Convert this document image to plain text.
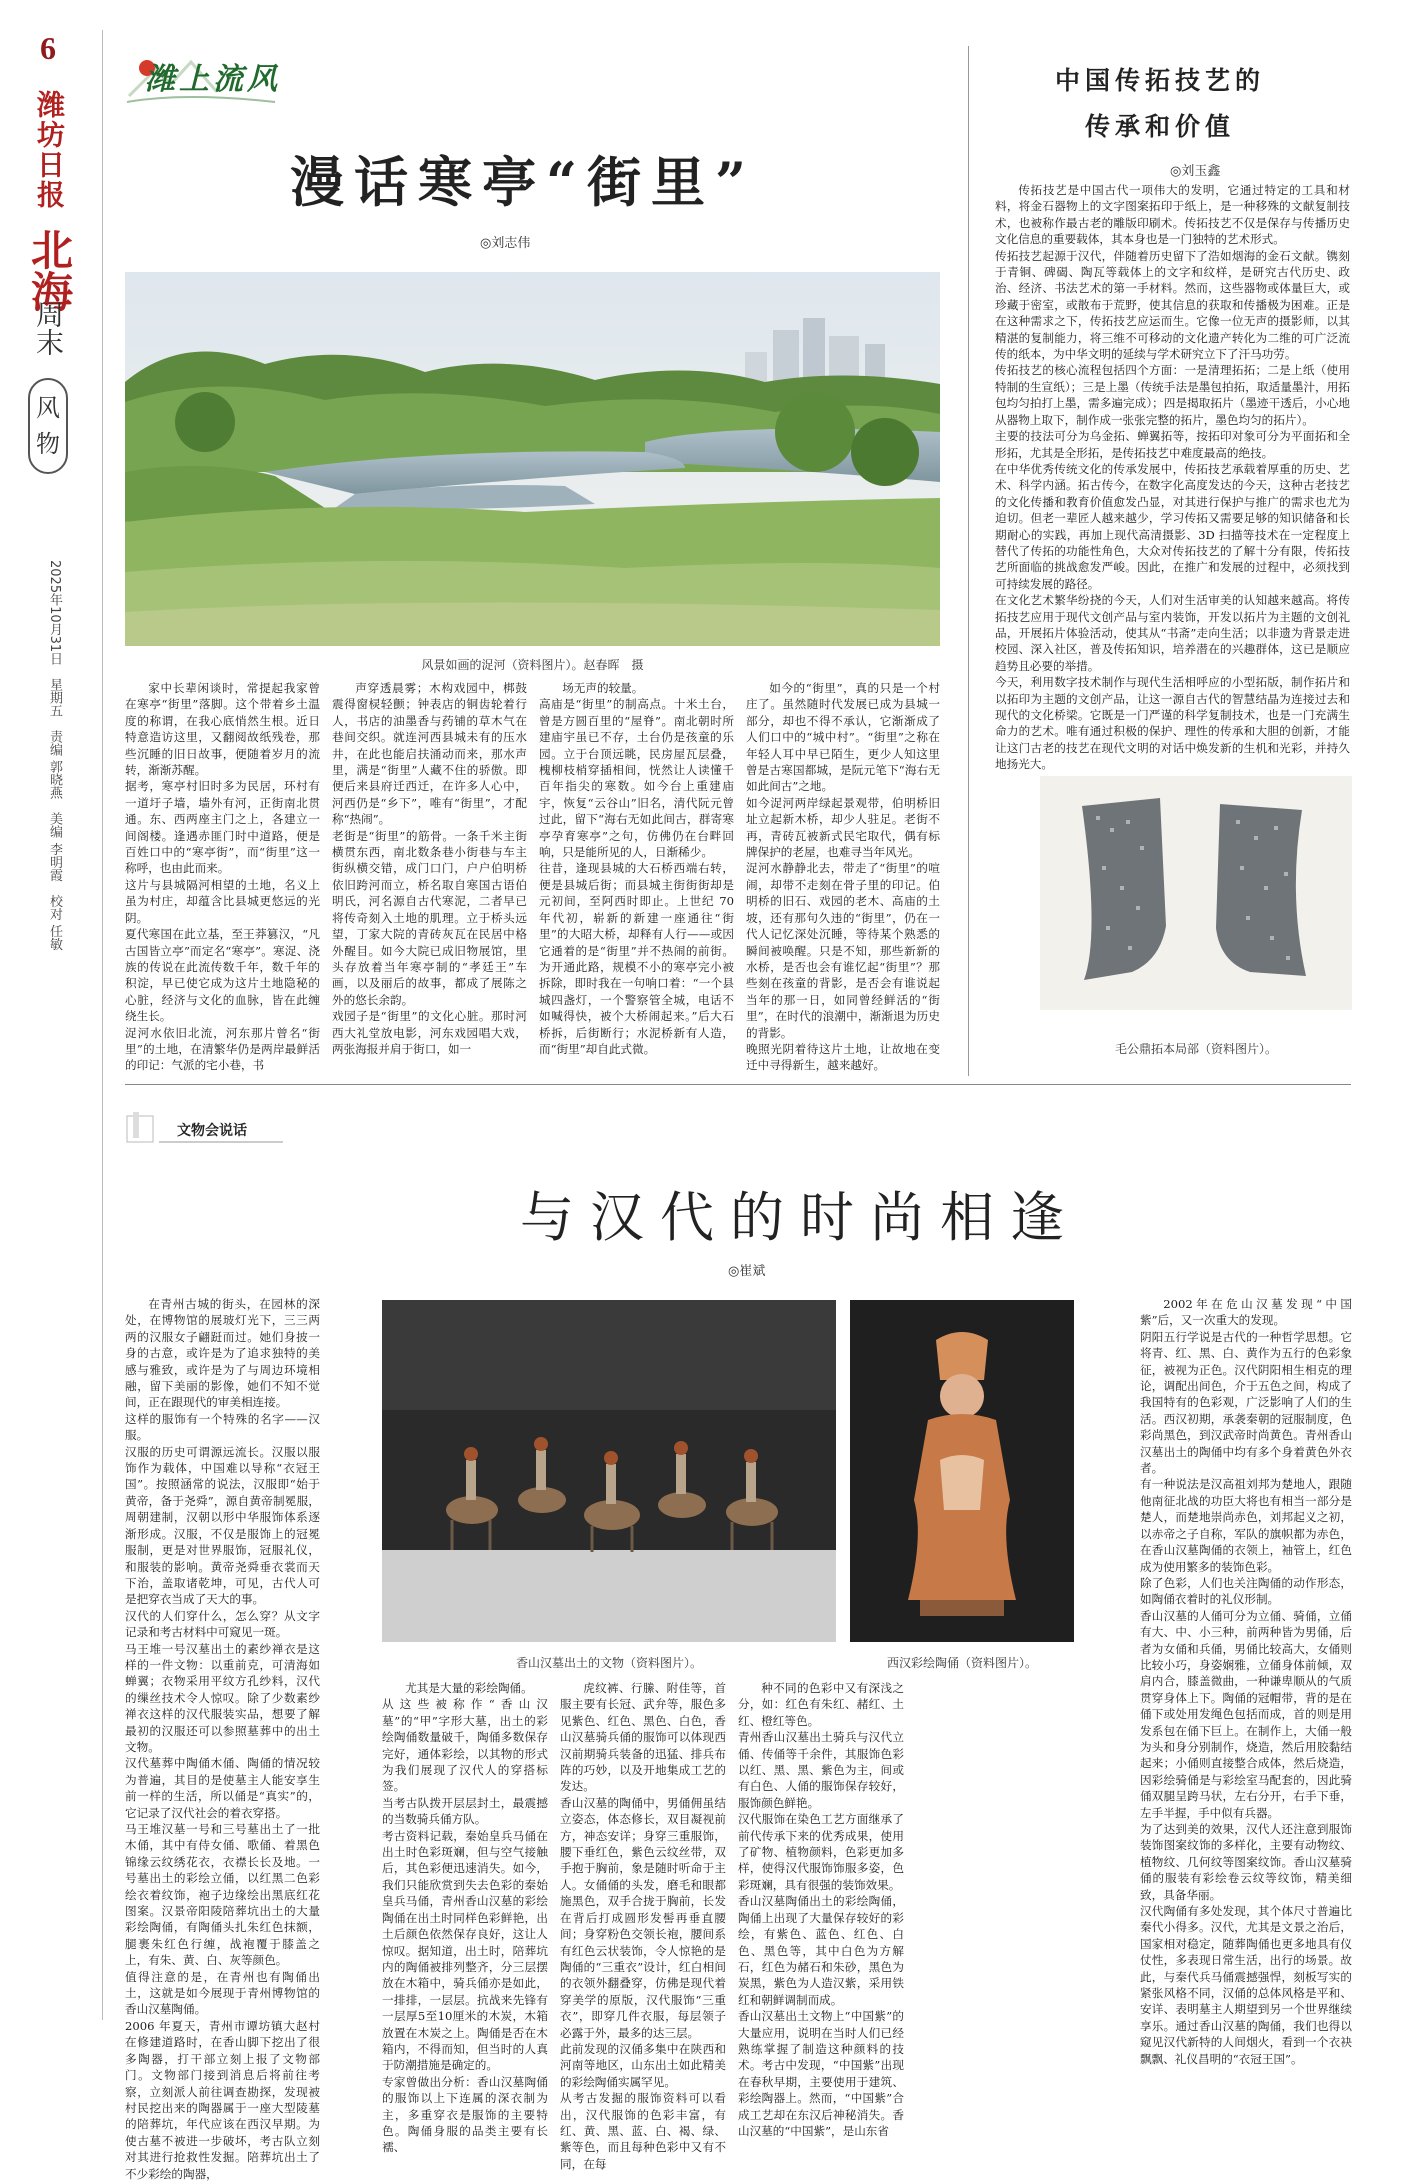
6
潍坊日报
北海
周末
风
物
2025年10月31日　星期五　责编 郭晓燕　美编 李明霞　校对 任敏
潍上流风
漫话寒亭“街里”
◎刘志伟
风景如画的浞河（资料图片）。赵春晖　摄

家中长辈闲谈时，常提起我家曾在寒亭“街里”落脚。这个带着乡土温度的称谓，在我心底悄然生根。近日特意造访这里，又翻阅故纸残卷，那些沉睡的旧日故事，便随着岁月的流转，渐渐苏醒。
据考，寒亭村旧时多为民居，环村有一道圩子墙，墙外有河，正街南北贯通。东、西两座主门之上，各建立一间阁楼。逢遇赤匪门时中道路，便是百姓口中的“寒亭街”，而“街里”这一称呼，也由此而来。
这片与县城隔河相望的土地，名义上虽为村庄，却蕴含比县城更悠远的光阴。
夏代寒国在此立基，至王莽篡汉，“凡古国皆立亭”而定名“寒亭”。寒浞、浇族的传说在此流传数千年，数千年的积淀，早已使它成为这片土地隐秘的心脏，经济与文化的血脉，皆在此缠绕生长。
浞河水依旧北流，河东那片曾名“街里”的土地，在清繁华仍是两岸最鲜活的印记：气派的宅小巷，书

声穿透晨雾；木构戏园中，梆鼓震得窗棂轻颤；钟表店的铜齿轮着行人，书店的油墨香与药铺的草木气在巷间交织。就连河西县城未有的压水井，在此也能启扶涌动而来，那水声里，满是“街里”人藏不住的骄傲。即便后来县府迁西迁，在许多人心中，河西仍是“乡下”，唯有“街里”，才配称“热闹”。
老街是“街里”的筋骨。一条千米主街横贯东西，南北数条巷小街巷与车主街纵横交错，成门口门，户户伯明桥依旧跨河而立，桥名取自寒国古语伯明氏，河名源自古代寒泥，二者早已将传奇刻入土地的肌理。立于桥头远望，丁家大院的青砖灰瓦在民居中格外醒目。如今大院已成旧物展馆，里头存放着当年寒亭制的“孝廷王”车画，以及丽后的故事，都成了展陈之外的悠长余韵。
戏园子是“街里”的文化心脏。那时河西大礼堂放电影，河东戏园唱大戏，两张海报并肩于街口，如一

场无声的较量。
高庙是“街里”的制高点。十米土台，曾是方圆百里的“屋脊”。南北朝时所建庙宇虽已不存，土台仍是孩童的乐园。立于台顶远眺，民房屋瓦层叠，槐柳枝梢穿插相间，恍然让人读懂千百年指尖的寒数。如今台上重建庙宇，恢复“云谷山”旧名，清代阮元曾过此，留下“海右无如此间古，群寄寒亭孕育寒亭”之句，仿佛仍在台畔回响，只是能所见的人，日渐稀少。
往昔，逢现县城的大石桥西端右转，便是县城后街；而县城主街街街却是元初间，至阿西时即止。上世纪 70 年代初，崭新的新建一座通往“街里”的大昭大桥，却释有人行——或因它通着的是“街里”并不热闹的前街。为开通此路，规模不小的寒亭完小被拆除，即时我在一句响口着：“一个县城四盏灯，一个警察管全城，电话不如喊得快，被个大桥闹起来。”后大石桥拆，后街断行；水泥桥新有人造，而“街里”却自此式微。

如今的“街里”，真的只是一个村庄了。虽然随时代发展已成为县城一部分，却也不得不承认，它渐渐成了人们口中的“城中村”。“街里”之称在年轻人耳中早已陌生，更少人知这里曾是古寒国都城，是阮元笔下“海右无如此间古”之地。
如今浞河两岸绿起景观带，伯明桥旧址立起新木桥，却少人驻足。老街不再，青砖瓦被新式民宅取代，偶有标牌保护的老屋，也难寻当年风光。
浞河水静静北去，带走了“街里”的喧闹，却带不走刻在骨子里的印记。伯明桥的旧石、戏园的老木、高庙的土坡，还有那句久违的“街里”，仍在一代人记忆深处沉睡，等待某个熟悉的瞬间被唤醒。只是不知，那些新新的水桥，是否也会有谁忆起“街里”？那些刻在孩童的背影，是否会有谁说起当年的那一日，如同曾经鲜活的“街里”，在时代的浪潮中，渐渐退为历史的背影。
晚照光阴着待这片土地，让故地在变迁中寻得新生，越来越好。

中国传拓技艺的
传承和价值
◎刘玉鑫

传拓技艺是中国古代一项伟大的发明，它通过特定的工具和材料，将金石器物上的文字图案拓印于纸上，是一种移殊的文献复制技术，也被称作最古老的雕版印刷术。传拓技艺不仅是保存与传播历史文化信息的重要载体，其本身也是一门独特的艺术形式。
传拓技艺起源于汉代，伴随着历史留下了浩如烟海的金石文献。镌刻于青铜、碑碣、陶瓦等载体上的文字和纹样，是研究古代历史、政治、经济、书法艺术的第一手材料。然而，这些器物或体量巨大，或珍藏于密室，或散布于荒野，使其信息的获取和传播极为困难。正是在这种需求之下，传拓技艺应运而生。它像一位无声的摄影师，以其精湛的复制能力，将三维不可移动的文化遗产转化为二维的可广泛流传的纸本，为中华文明的延续与学术研究立下了汗马功劳。
传拓技艺的核心流程包括四个方面：一是清理拓拓；二是上纸（使用特制的生宣纸）；三是上墨（传统手法是墨包拍拓，取适量墨汁，用拓包均匀拍打上墨，需多遍完成）；四是揭取拓片（墨迹干透后，小心地从器物上取下，制作成一张张完整的拓片，墨色均匀的拓片）。
主要的技法可分为乌金拓、蝉翼拓等，按拓印对象可分为平面拓和全形拓，尤其是全形拓，是传拓技艺中难度最高的绝技。
在中华优秀传统文化的传承发展中，传拓技艺承载着厚重的历史、艺术、科学内涵。拓古传今，在数字化高度发达的今天，这种古老技艺的文化传播和教育价值愈发凸显，对其进行保护与推广的需求也尤为迫切。但老一辈匠人越来越少，学习传拓又需要足够的知识储备和长期耐心的实践，再加上现代高清摄影、3D 扫描等技术在一定程度上替代了传拓的功能性角色，大众对传拓技艺的了解十分有限，传拓技艺所面临的挑战愈发严峻。因此，在推广和发展的过程中，必须找到可持续发展的路径。
在文化艺术繁华纷挠的今天，人们对生活审美的认知越来越高。将传拓技艺应用于现代文创产品与室内装饰，开发以拓片为主题的文创礼品，开展拓片体验活动，使其从“书斋”走向生活；以非遗为背景走进校园、深入社区，普及传拓知识，培养潜在的兴趣群体，这已是顺应趋势且必要的举措。
今天，利用数字技术制作与现代生活相呼应的小型拓版，制作拓片和以拓印为主题的文创产品，让这一源自古代的智慧结晶为连接过去和现代的文化桥梁。它既是一门严谨的科学复制技术，也是一门充满生命力的艺术。唯有通过积极的保护、理性的传承和大胆的创新，才能让这门古老的技艺在现代文明的对话中焕发新的生机和光彩，并持久地扬光大。

毛公鼎拓本局部（资料图片）。
文物会说话
与汉代的时尚相逢
◎崔斌

在青州古城的街头，在园林的深处，在博物馆的展玻灯光下，三三两两的汉服女子翩跹而过。她们身披一身的古意，或许是为了追求独特的美感与雅致，或许是为了与周边环境相融，留下美丽的影像，她们不知不觉间，正在跟现代的审美相连接。
这样的服饰有一个特殊的名字——汉服。
汉服的历史可谓源远流长。汉服以服饰作为载体，中国难以导称“衣冠王国”。按照涵常的说法，汉服即“始于黄帝，备于尧舜”，源自黄帝制冕服，周朝建制，汉朝以形中华服饰体系逐渐形成。汉服，不仅是服饰上的冠冕服制，更是对世界服饰，冠服礼仪，和服装的影响。黄帝尧舜垂衣裳而天下治，盖取诸乾坤，可见，古代人可是把穿衣当成了天大的事。
汉代的人们穿什么，怎么穿？从文字记录和考古材料中可窥见一斑。
马王堆一号汉墓出土的素纱禅衣是这样的一件文物：以重前克，可清海如蝉翼；衣物采用平纹方孔纱料，汉代的缫丝技术令人惊叹。除了少数素纱禅衣这样的汉代服装实品，想要了解最初的汉服还可以参照墓葬中的出土文物。
汉代墓葬中陶俑木俑、陶俑的情况较为普遍，其目的是使墓主人能安享生前一样的生活，所以俑是“真实”的，它记录了汉代社会的着衣穿搭。
马王堆汉墓一号和三号墓出土了一批木俑，其中有侍女俑、歌俑、着黑色锦缘云纹绣花衣，衣襟长长及地。一号墓出土的彩绘立俑，以红黑二色彩绘衣着纹饰，袍子边缘绘出黑底红花图案。汉景帝阳陵陪葬坑出土的大量彩绘陶俑，有陶俑头扎朱红色抹额，腿裹朱红色行缠，战袍覆于膝盖之上，有朱、黄、白、灰等颜色。
值得注意的是，在青州也有陶俑出土，这就是如今展现于青州博物馆的香山汉墓陶俑。
2006 年夏天，青州市谭坊镇大赵村在修建道路时，在香山脚下挖出了很多陶器，打干部立刻上报了文物部门。文物部门接到消息后将前往考察，立刻派人前往调查勘探，发现被村民挖出来的陶器属于一座大型陵墓的陪葬坑，年代应该在西汉早期。为使古墓不被进一步破坏，考古队立刻对其进行抢救性发掘。陪葬坑出土了不少彩绘的陶器，

香山汉墓出土的文物（资料图片）。	西汉彩绘陶俑（资料图片）。

尤其是大量的彩绘陶俑。
从这些被称作“香山汉墓”的“甲”字形大墓，出土的彩绘陶俑数量破千，陶俑多数保存完好，通体彩绘，以其物的形式为我们展现了汉代人的穿搭标签。
当考古队拨开层层封土，最震撼的当数骑兵俑方队。
考古资料记载，秦始皇兵马俑在出土时色彩斑斓，但与空气接触后，其色彩便迅速消失。如今，我们只能欣赏到失去色彩的秦始皇兵马俑，青州香山汉墓的彩绘陶俑在出土时同样色彩鲜艳，出土后颜色依然保存良好，这让人惊叹。据知道，出土时，陪葬坑内的陶俑被排列整齐，分三层摆放在木箱中，骑兵俑亦是如此，一排排，一层层。抗战来先锋有一层厚5至10厘米的木炭，木箱放置在木炭之上。陶俑是否在木箱内，不得而知，但当时的人真于防潮措施是确定的。
专家曾做出分析：香山汉墓陶俑的服饰以上下连属的深衣制为主，多重穿衣是服饰的主要特色。陶俑身服的品类主要有长襦、

虎纹裤、行縢、附佳等，首服主要有长冠、武弁等，服色多见紫色、红色、黑色、白色，香山汉墓骑兵俑的服饰可以体现西汉前期骑兵装备的迅猛、排兵布阵的巧妙，以及开地集成工艺的发达。
香山汉墓的陶俑中，男俑佣虽结立姿态，体态修长，双目凝视前方，神态安详；身穿三重服饰，腰下垂红色，紫色云纹丝带，双手抱于胸前，象是随时听命于主人。女俑俑的头发，磨毛和眼都施黑色，双手合拢于胸前，长发在背后打成圆形发髻再垂直腰间；身穿粉色交领长袍，腰间系有红色云状装饰，令人惊艳的是陶俑的“三重衣”设计，红白相间的衣领外翻叠穿，仿佛是现代着穿美学的原版，汉代服饰“三重衣”，即穿几件衣服，每层领子必露于外，最多的达三层。
此前发现的汉俑多集中在陕西和河南等地区，山东出土如此精美的彩绘陶俑实属罕见。
从考古发掘的服饰资料可以看出，汉代服饰的色彩丰富，有红、黄、黑、蓝、白、褐、绿、紫等色，而且每种色彩中又有不同，在每

种不同的色彩中又有深浅之分，如：红色有朱红、赭红、土红、橙红等色。
青州香山汉墓出土骑兵与汉代立俑、传俑等千余件，其服饰色彩以红、黑、黑、紫色为主，间或有白色、人俑的服饰保存较好，服饰颜色鲜艳。
汉代服饰在染色工艺方面继承了前代传承下来的优秀成果，使用了矿物、植物颜料，色彩更加多样，使得汉代服饰饰服多姿，色彩斑斓，具有很强的装饰效果。
香山汉墓陶俑出土的彩绘陶俑，陶俑上出现了大量保存较好的彩绘，有紫色、蓝色、红色、白色、黑色等，其中白色为方解石，红色为赭石和朱砂，黑色为炭黑，紫色为人造汉紫，采用铁红和朝鲜调制而成。
香山汉墓出土文物上“中国紫”的大量应用，说明在当时人们已经熟练掌握了制造这种颜料的技术。考古中发现，“中国紫”出现在春秋早期，主要使用于建筑、彩绘陶器上。然而，“中国紫”合成工艺却在东汉后神秘消失。香山汉墓的“中国紫”，是山东省

2002年在危山汉墓发现“中国紫”后，又一次重大的发现。
阴阳五行学说是古代的一种哲学思想。它将青、红、黑、白、黄作为五行的色彩象征，被视为正色。汉代阴阳相生相克的理论，调配出间色，介于五色之间，构成了我国特有的色彩观，广泛影响了人们的生活。西汉初期，承袭秦朝的冠服制度，色彩尚黑色，到汉武帝时尚黄色。青州香山汉墓出土的陶俑中均有多个身着黄色外衣者。
有一种说法是汉高祖刘邦为楚地人，跟随他南征北战的功臣大将也有相当一部分是楚人，而楚地崇尚赤色，刘邦起义之初，以赤帝之子自称，军队的旗帜都为赤色，在香山汉墓陶俑的衣领上，袖管上，红色成为使用繁多的装饰色彩。
除了色彩，人们也关注陶俑的动作形态，如陶俑衣着时的礼仪形制。
香山汉墓的人俑可分为立俑、骑俑，立俑有大、中、小三种，前两种皆为男俑，后者为女俑和兵俑，男俑比较高大，女俑则比较小巧，身姿娴雅，立俑身体前倾，双肩内合，膝盖微曲，一种谦卑顺从的气质贯穿身体上下。陶俑的冠帽带，背的是在俑下或处用发绳色包括而成，首的则是用发系包在俑下巨上。在制作上，大俑一般为头和身分别制作，烧造，然后用胶黏结起来；小俑则直接整合成体，然后烧造，因彩绘骑俑是与彩绘室马配套的，因此骑俑双腿呈跨马状，左右分开，右手下垂，左手半握，手中似有兵器。
为了达到美的效果，汉代人还注意到服饰装饰图案纹饰的多样化，主要有动物纹、植物纹、几何纹等图案纹饰。香山汉墓骑俑的服装有彩绘卷云纹等纹饰，精美细致，具备华丽。
汉代陶俑有多处发现，其个体尺寸普遍比秦代小得多。汉代，尤其是文景之治后，国家相对稳定，随葬陶俑也更多地具有仪仗性，多表现日常生活，出行的场景。故此，与秦代兵马俑震撼强悍，刻板写实的紧张风格不同，汉俑的总体风格是平和、安详、表明墓主人期望到另一个世界继续享乐。通过香山汉墓的陶俑，我们也得以窥见汉代新特的人间烟火，看到一个衣袂飘飘、礼仪昌明的“衣冠王国”。
